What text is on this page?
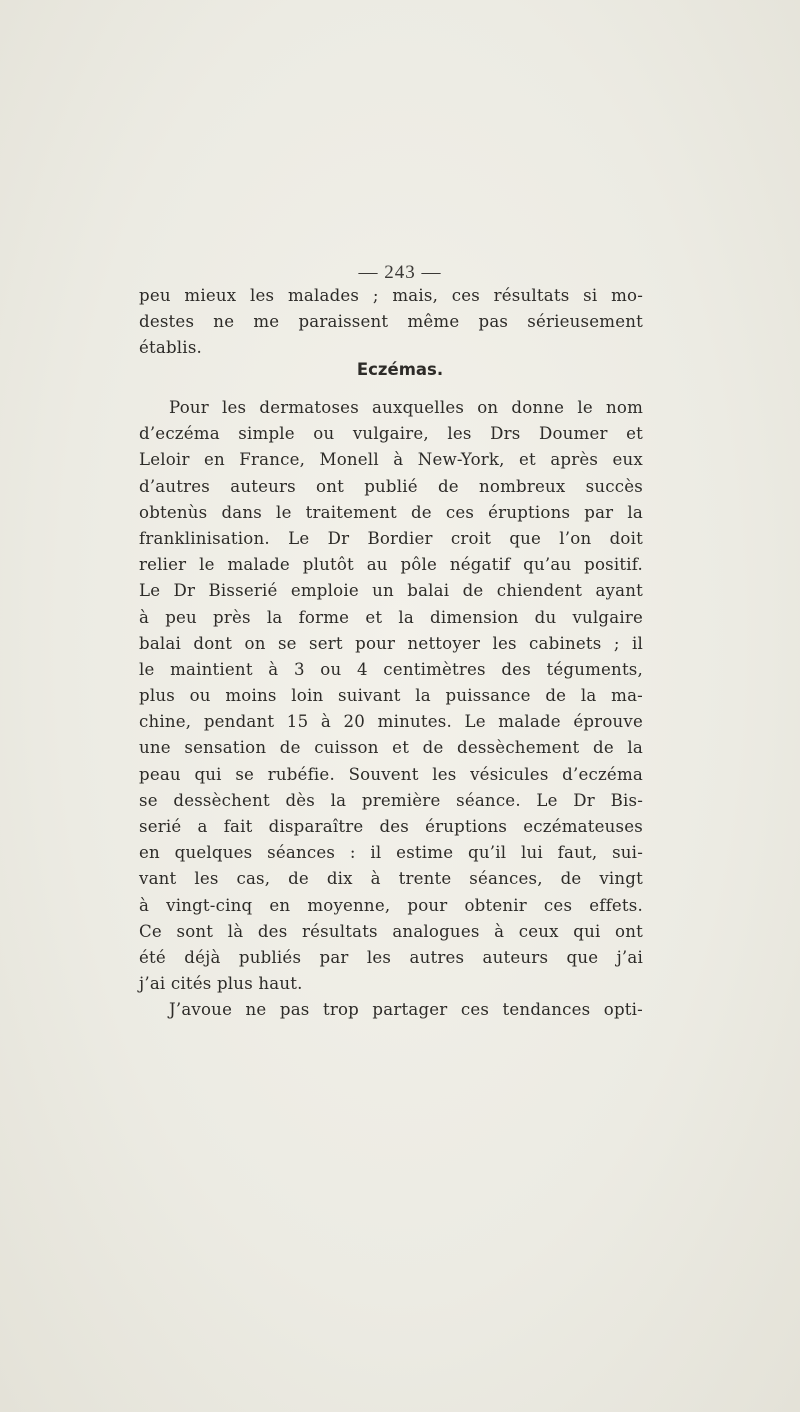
— 243 —
peu mieux les malades ; mais, ces résultats si mo-
destes ne me paraissent même pas sérieusement
établis.
Eczémas.
Pour les dermatoses auxquelles on donne le nom
d’eczéma simple ou vulgaire, les Drs Doumer et
Leloir en France, Monell à New-York, et après eux
d’autres auteurs ont publié de nombreux succès
obtenùs dans le traitement de ces éruptions par la
franklinisation. Le Dr Bordier croit que l’on doit
relier le malade plutôt au pôle négatif qu’au positif.
Le Dr Bisserié emploie un balai de chiendent ayant
à peu près la forme et la dimension du vulgaire
balai dont on se sert pour nettoyer les cabinets ; il
le maintient à 3 ou 4 centimètres des téguments,
plus ou moins loin suivant la puissance de la ma-
chine, pendant 15 à 20 minutes. Le malade éprouve
une sensation de cuisson et de dessèchement de la
peau qui se rubéfie. Souvent les vésicules d’eczéma
se dessèchent dès la première séance. Le Dr Bis-
serié a fait disparaître des éruptions eczémateuses
en quelques séances : il estime qu’il lui faut, sui-
vant les cas, de dix à trente séances, de vingt
à vingt-cinq en moyenne, pour obtenir ces effets.
Ce sont là des résultats analogues à ceux qui ont
été déjà publiés par les autres auteurs que j’ai
j’ai cités plus haut.
J’avoue ne pas trop partager ces tendances opti-
